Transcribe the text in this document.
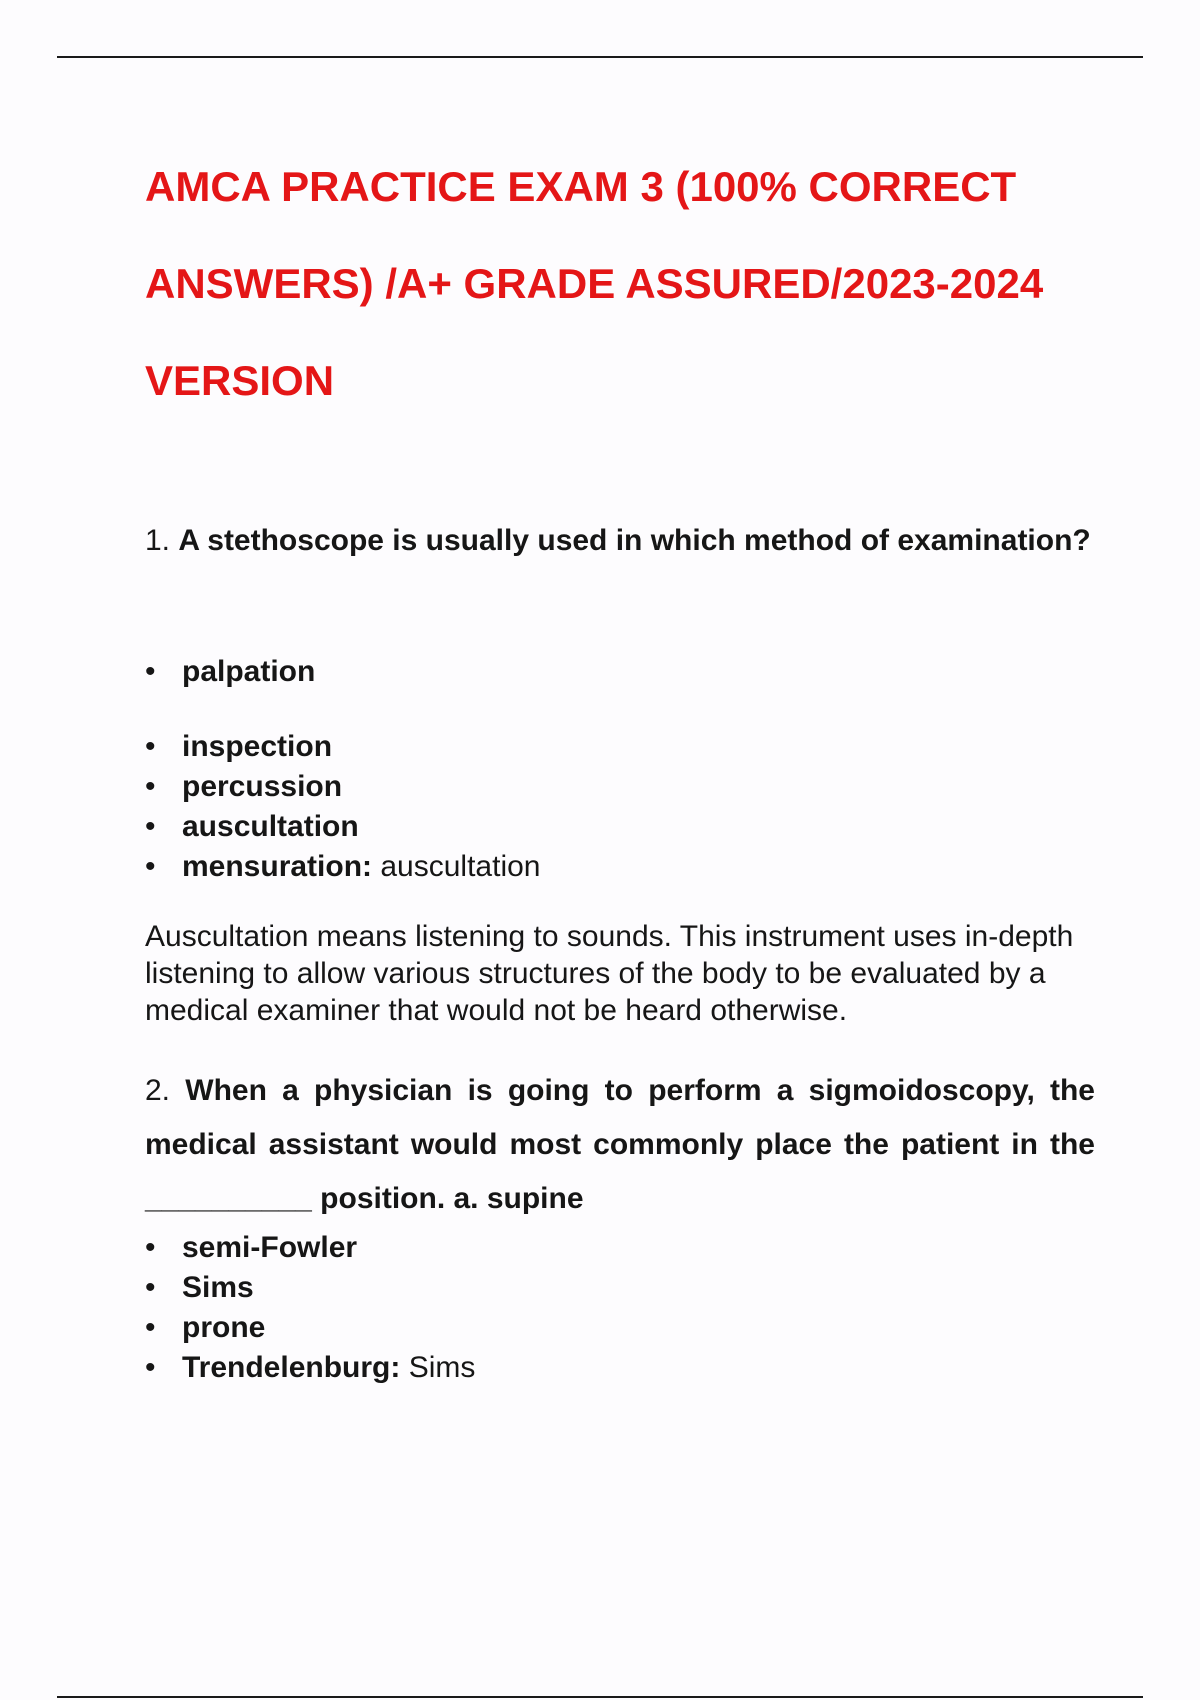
AMCA PRACTICE EXAM 3 (100% CORRECT
ANSWERS) /A+ GRADE ASSURED/2023-2024
VERSION
1. A stethoscope is usually used in which method of examination?
• palpation
• inspection
• percussion
• auscultation
• mensuration: auscultation
Auscultation means listening to sounds. This instrument uses in-depth listening to allow various structures of the body to be evaluated by a medical examiner that would not be heard otherwise.
2. When a physician is going to perform a sigmoidoscopy, the medical assistant would most commonly place the patient in the __________ position. a. supine
• semi-Fowler
• Sims
• prone
• Trendelenburg: Sims
